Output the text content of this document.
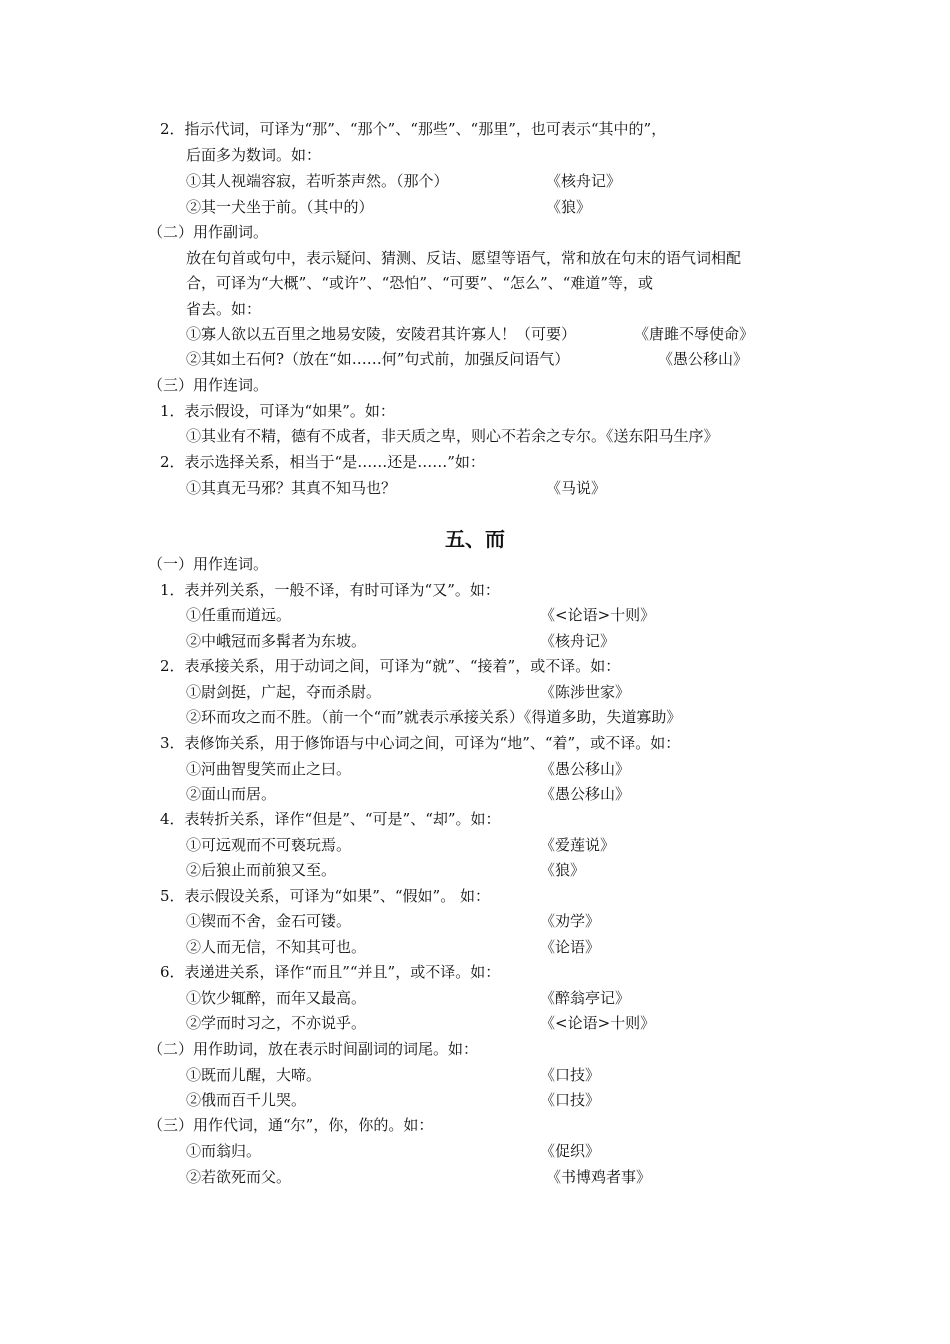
2．指示代词，可译为“那”、“那个”、“那些”、“那里”，也可表示“其中的”，
后面多为数词。如：
①其人视端容寂，若听茶声然。（那个）	《核舟记》
②其一犬坐于前。（其中的）	《狼》
（二）用作副词。
放在句首或句中，表示疑问、猜测、反诘、愿望等语气，常和放在句末的语气词相配
合，可译为“大概”、“或许”、“恐怕”、“可要”、“怎么”、“难道”等，或
省去。如：
①寡人欲以五百里之地易安陵，安陵君其许寡人！（可要）	《唐雎不辱使命》
②其如土石何?（放在“如……何”句式前，加强反问语气）	《愚公移山》
（三）用作连词。
1．表示假设，可译为“如果”。如：
①其业有不精，德有不成者，非天质之卑，则心不若余之专尔。《送东阳马生序》
2．表示选择关系，相当于“是……还是……”如：
①其真无马邪？其真不知马也？	《马说》
五、而
（一）用作连词。
1．表并列关系，一般不译，有时可译为“又”。如：
①任重而道远。	《<论语>十则》
②中峨冠而多髯者为东坡。	《核舟记》
2．表承接关系，用于动词之间，可译为“就”、“接着”，或不译。如：
①尉剑挺，广起，夺而杀尉。	《陈涉世家》
②环而攻之而不胜。（前一个“而”就表示承接关系）《得道多助，失道寡助》
3．表修饰关系，用于修饰语与中心词之间，可译为“地”、“着”，或不译。如：
①河曲智叟笑而止之曰。	《愚公移山》
②面山而居。	《愚公移山》
4．表转折关系，译作“但是”、“可是”、“却”。如：
①可远观而不可亵玩焉。	《爱莲说》
②后狼止而前狼又至。	《狼》
5．表示假设关系，可译为“如果”、“假如”。 如：
①锲而不舍，金石可镂。	《劝学》
②人而无信，不知其可也。	《论语》
6．表递进关系，译作“而且”“并且”，或不译。如：
①饮少辄醉，而年又最高。	《醉翁亭记》
②学而时习之，不亦说乎。	《<论语>十则》
（二）用作助词，放在表示时间副词的词尾。如：
①既而儿醒，大啼。	《口技》
②俄而百千儿哭。	《口技》
（三）用作代词，通“尔”，你，你的。如：
①而翁归。	《促织》
②若欲死而父。	《书博鸡者事》
